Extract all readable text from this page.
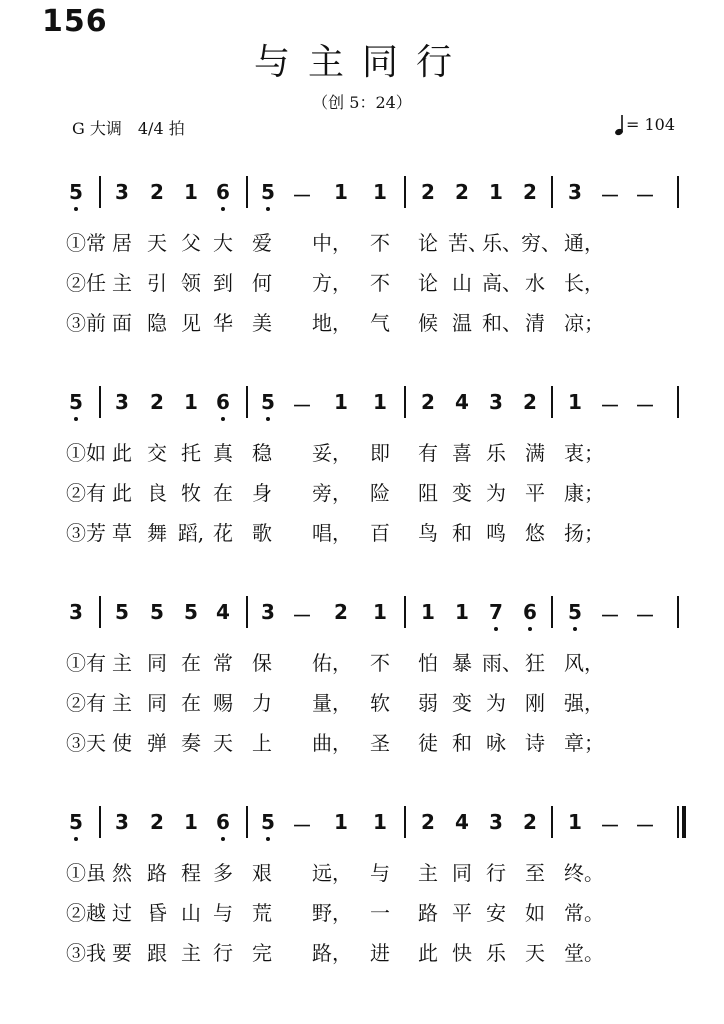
156
与主同行
（创 5：24）
G 大调　4/4 拍	= 104
5 3 2 1 6 5 － 1 1 2 2 1 2 3 － －
①常 居 天 父 大 爱 中， 不 论 苦、
乐、 穷、 通，
②任 主 引 领 到 何 方， 不 论 山 高、 水 长，
③前 面 隐 见 华 美 地， 气 候 温 和、 清 凉；
5 3 2 1 6 5 － 1 1 2 4 3 2 1 － －
①如 此 交 托 真 稳 妥， 即 有 喜 乐 满 衷；
②有 此 良 牧 在 身 旁， 险 阻 变 为 平 康；
③芳 草 舞 蹈, 花 歌 唱， 百 鸟 和 鸣 悠 扬；
3 5 5 5 4 3 － 2 1 1 1 7 6 5 － －
①有 主 同 在 常 保 佑， 不 怕 暴 雨、 狂 风，
②有 主 同 在 赐 力 量， 软 弱 变 为 刚 强，
③天 使 弹 奏 天 上 曲， 圣 徒 和 咏 诗 章；
5 3 2 1 6 5 － 1 1 2 4 3 2 1 － －
①虽 然 路 程 多 艰 远， 与 主 同 行 至 终。
②越 过 昏 山 与 荒 野， 一 路 平 安 如 常。
③我 要 跟 主 行 完 路， 进 此 快 乐 天 堂。
